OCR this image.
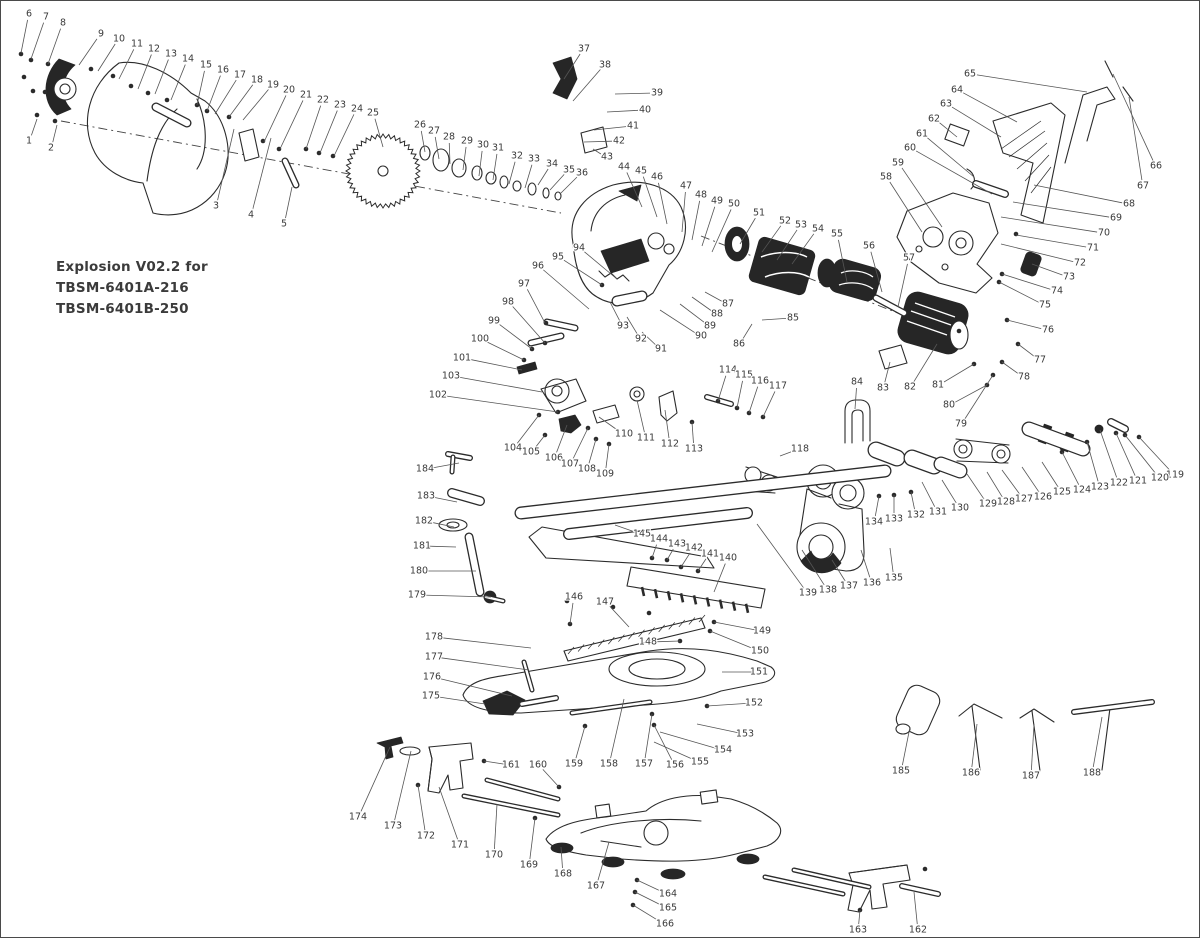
Explosion V02.2 for
TBSM-6401A-216
TBSM-6401B-250
1
2
3
4
5
6 7
8
9 10 11 12 13 14
15 16 17 18 19 20 21 22 23 24 25
26
27
28 29 30 31
32 33 34
35 36
37
38
39
40
41
42
43
44 45
46
47
48
49 50
51
52 53 54 55
56
57
58
59
60
61
62
63
64
65
66
67
68
69
70
71
72
73
74
75
76
77
78
79
80
81
82
83
84
85
86
87
88
89
90
91
92
93
94
95
96
97
98
99
100
101
102
103
104 105
106
107
108 109
110 111
112 113
114
115
116 117
118
119
120
121
122
123
124
125
126
127
128
129
130
131
132
133
134
135
136
137
138
139
140
141
142
143
144
145
146 147
148
149
150
151
152
153
154
155
156
157
158
159
160
161
162
163
164
165
166
167
168
169
170
171
172
173
174
175
176
177
178
179
180
181
182
183
184
185	186	187	188
